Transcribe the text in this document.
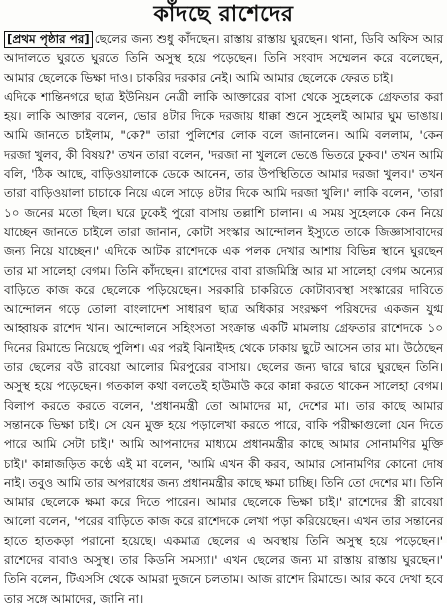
কাঁদছে রাশেদের

[প্রথম পৃষ্ঠার পর] ছেলের জন্য শুধু কাঁদছেন। রাস্তায় রাস্তায় ঘুরছেন। থানা, ডিবি অফিস আর আদালতে ঘুরতে ঘুরতে তিনি অসুস্থ হয়ে পড়েছেন। তিনি সংবাদ সম্মেলন করে বলেছেন, আমার ছেলেকে ভিক্ষা দাও। চাকরির দরকার নেই। আমি আমার ছেলেকে ফেরত চাই।

এদিকে শান্তিনগরে ছাত্র ইউনিয়ন নেত্রী লাকি আক্তারের বাসা থেকে সুহেলকে গ্রেফতার করা হয়। লাকি আক্তার বলেন, ভোর ৪টার দিকে দরজায় ধাক্কা শুনে সুহেলই আমার ঘুম ভাঙায়। আমি জানতে চাইলাম, "কে?" তারা পুলিশের লোক বলে জানালেন। আমি বললাম, 'কেন দরজা খুলব, কী বিষয়?' তখন তারা বলেন, 'দরজা না খুললে ভেঙে ভিতরে ঢুকব।' তখন আমি বলি, 'ঠিক আছে, বাড়িওয়ালাকে ডেকে আনেন, তার উপস্থিতিতে আমার দরজা খুলব।' তখন তারা বাড়িওয়ালা চাচাকে নিয়ে এলে সাড়ে ৪টার দিকে আমি দরজা খুলি।' লাকি বলেন, 'তারা ১০ জনের মতো ছিল। ঘরে ঢুকেই পুরো বাসায় তল্লাশি চালান। এ সময় সুহেলকে কেন নিয়ে যাচ্ছেন জানতে চাইলে তারা জানান, কোটা সংস্কার আন্দোলন ইস্যুতে তাকে জিজ্ঞাসাবাদের জন্য নিয়ে যাচ্ছেন।' এদিকে আটক রাশেদকে এক পলক দেখার আশায় বিভিন্ন স্থানে ঘুরছেন তার মা সালেহা বেগম। তিনি কাঁদছেন। রাশেদের বাবা রাজমিস্ত্রি আর মা সালেহা বেগম অন্যের বাড়িতে কাজ করে ছেলেকে পড়িয়েছেন। সরকারি চাকরিতে কোটাব্যবস্থা সংস্কারের দাবিতে আন্দোলন গড়ে তোলা বাংলাদেশ সাধারণ ছাত্র অধিকার সংরক্ষণ পরিষদের একজন যুগ্ম আহ্বায়ক রাশেদ খান। আন্দোলনে সহিংসতা সংক্রান্ত একটি মামলায় গ্রেফতার রাশেদকে ১০ দিনের রিমান্ডে নিয়েছে পুলিশ। এর পরই ঝিনাইদহ থেকে ঢাকায় ছুটে আসেন তার মা। উঠেছেন তার ছেলের বউ রাবেয়া আলোর মিরপুরের বাসায়। ছেলের জন্য দ্বারে দ্বারে ঘুরছেন তিনি। অসুস্থ হয়ে পড়েছেন। গতকাল কথা বলতেই হাউমাউ করে কান্না করতে থাকেন সালেহা বেগম। বিলাপ করতে করতে বলেন, 'প্রধানমন্ত্রী তো আমাদের মা, দেশের মা। তার কাছে আমার সন্তানকে ভিক্ষা চাই। সে যেন মুক্ত হয়ে পড়ালেখা করতে পারে, বাকি পরীক্ষাগুলো যেন দিতে পারে আমি সেটা চাই।' আমি আপনাদের মাধ্যমে প্রধানমন্ত্রীর কাছে আমার সোনামণির মুক্তি চাই।' কান্নাজড়িত কণ্ঠে এই মা বলেন, 'আমি এখন কী করব, আমার সোনামণির কোনো দোষ নাই। তবুও আমি তার অপরাধের জন্য প্রধানমন্ত্রীর কাছে ক্ষমা চাচ্ছি। তিনি তো দেশের মা। তিনি আমার ছেলেকে ক্ষমা করে দিতে পারেন। আমার ছেলেকে ভিক্ষা চাই।' রাশেদের স্ত্রী রাবেয়া আলো বলেন, 'পরের বাড়িতে কাজ করে রাশেদকে লেখা পড়া করিয়েছেন। এখন তার সন্তানের হাতে হাতকড়া পরানো হয়েছে। একমাত্র ছেলের এ অবস্থায় তিনি অসুস্থ হয়ে পড়েছেন।' রাশেদের বাবাও অসুস্থ। তার কিডনি সমস্যা।' এখন ছেলের জন্য মা রাস্তায় রাস্তায় ঘুরছেন।' তিনি বলেন, টিএসসি থেকে আমরা দুজনে চলতাম। আজ রাশেদ রিমান্ডে। আর কবে দেখা হবে তার সঙ্গে আমাদের, জানি না।
